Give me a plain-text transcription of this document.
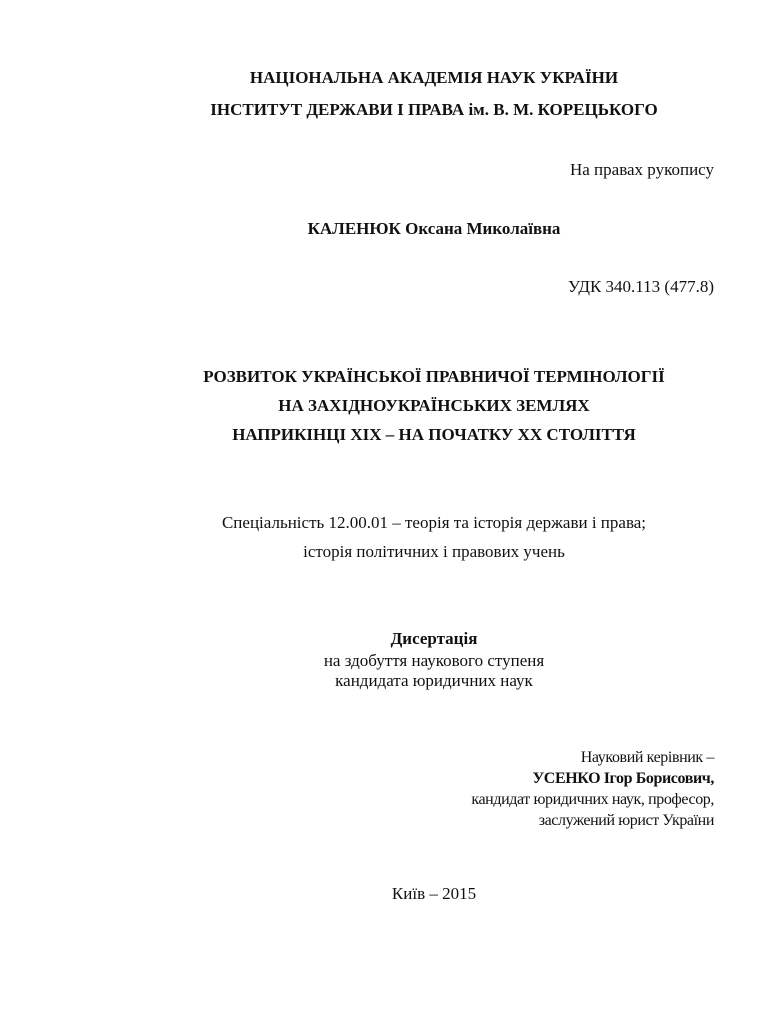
НАЦІОНАЛЬНА АКАДЕМІЯ НАУК УКРАЇНИ
ІНСТИТУТ ДЕРЖАВИ І ПРАВА ім. В. М. КОРЕЦЬКОГО
На правах рукопису
КАЛЕНЮК Оксана Миколаївна
УДК 340.113 (477.8)
РОЗВИТОК УКРАЇНСЬКОЇ ПРАВНИЧОЇ ТЕРМІНОЛОГІЇ
НА ЗАХІДНОУКРАЇНСЬКИХ ЗЕМЛЯХ
НАПРИКІНЦІ ХІХ – НА ПОЧАТКУ ХХ СТОЛІТТЯ
Спеціальність 12.00.01 – теорія та історія держави і права;
історія політичних і правових учень
Дисертація
на здобуття наукового ступеня
кандидата юридичних наук
Науковий керівник –
УСЕНКО Ігор Борисович,
кандидат юридичних наук, професор,
заслужений юрист України
Київ – 2015
